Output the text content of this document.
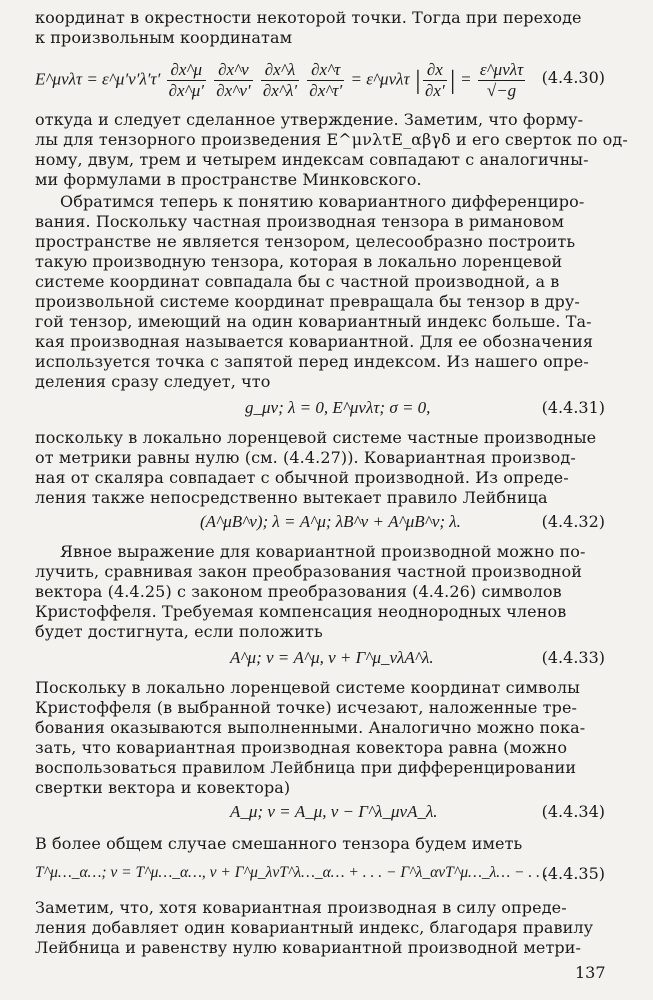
координат в окрестности некоторой точки. Тогда при переходе
к произвольным координатам
E^μνλτ = ε^μ′ν′λ′τ′ $\frac{\partial x\^{}\mu}{\partial x\^{}\mu'}$
$\frac{\partial x\^{}\nu}{\partial x\^{}\nu'}$
$\frac{\partial x\^{}\lambda}{\partial x\^{}\lambda'}$
$\frac{\partial x\^{}\tau}{\partial x\^{}\tau'}$ = ε^μνλτ | $\frac{\partial x}{\partial x'}$ | = $\frac{\text{ε\textasciicircum{}μνλτ}}{√-g} (4.4.30)$
откуда и следует сделанное утверждение. Заметим, что форму-
лы для тензорного произведения E^μνλτE_αβγδ и его сверток по од-
ному, двум, трем и четырем индексам совпадают с аналогичны-
ми формулами в пространстве Минковского.
Обратимся теперь к понятию ковариантного дифференциро-
вания. Поскольку частная производная тензора в римановом
пространстве не является тензором, целесообразно построить
такую производную тензора, которая в локально лоренцевой
системе координат совпадала бы с частной производной, а в
произвольной системе координат превращала бы тензор в дру-
гой тензор, имеющий на один ковариантный индекс больше. Та-
кая производная называется ковариантной. Для ее обозначения
используется точка с запятой перед индексом. Из нашего опре-
деления сразу следует, что
g_μν; λ = 0, E^μνλτ; σ = 0,	(4.4.31)
поскольку в локально лоренцевой системе частные производные
от метрики равны нулю (см. (4.4.27)). Ковариантная производ-
ная от скаляра совпадает с обычной производной. Из опреде-
ления также непосредственно вытекает правило Лейбница
(A^μB^ν); λ = A^μ; λB^ν + A^μB^ν; λ.	(4.4.32)
Явное выражение для ковариантной производной можно по-
лучить, сравнивая закон преобразования частной производной
вектора (4.4.25) с законом преобразования (4.4.26) символов
Кристоффеля. Требуемая компенсация неоднородных членов
будет достигнута, если положить
A^μ; ν = A^μ, ν + Γ^μ_νλA^λ.	(4.4.33)
Поскольку в локально лоренцевой системе координат символы
Кристоффеля (в выбранной точке) исчезают, наложенные тре-
бования оказываются выполненными. Аналогично можно пока-
зать, что ковариантная производная ковектора равна (можно
воспользоваться правилом Лейбница при дифференцировании
свертки вектора и ковектора)
A_μ; ν = A_μ, ν − Γ^λ_μνA_λ.	(4.4.34)
В более общем случае смешанного тензора будем иметь
T^μ…_α…; ν = T^μ…_α…, ν + Γ^μ_λνT^λ…_α… + . . . − Γ^λ_ανT^μ…_λ… − . . .
(4.4.35)
Заметим, что, хотя ковариантная производная в силу опреде-
ления добавляет один ковариантный индекс, благодаря правилу
Лейбница и равенству нулю ковариантной производной метри-
137
